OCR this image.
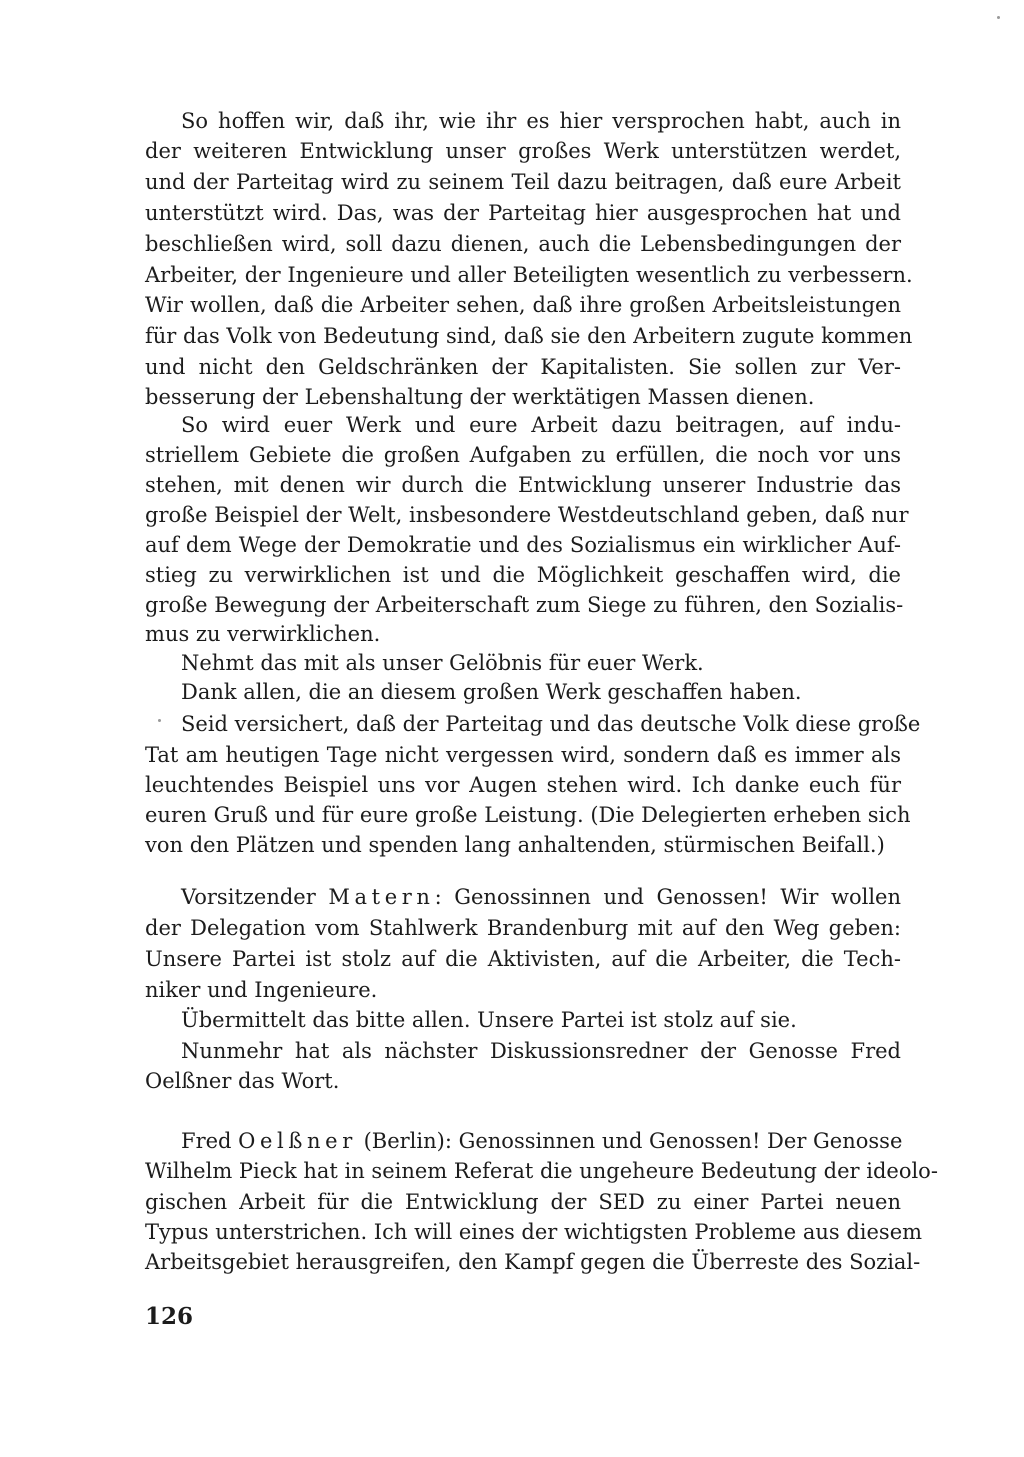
So hoffen wir, daß ihr, wie ihr es hier versprochen habt, auch in
der weiteren Entwicklung unser großes Werk unterstützen werdet,
und der Parteitag wird zu seinem Teil dazu beitragen, daß eure Arbeit
unterstützt wird. Das, was der Parteitag hier ausgesprochen hat und
beschließen wird, soll dazu dienen, auch die Lebensbedingungen der
Arbeiter, der Ingenieure und aller Beteiligten wesentlich zu verbessern.
Wir wollen, daß die Arbeiter sehen, daß ihre großen Arbeitsleistungen
für das Volk von Bedeutung sind, daß sie den Arbeitern zugute kommen
und nicht den Geldschränken der Kapitalisten. Sie sollen zur Ver-
besserung der Lebenshaltung der werktätigen Massen dienen.
So wird euer Werk und eure Arbeit dazu beitragen, auf indu-
striellem Gebiete die großen Aufgaben zu erfüllen, die noch vor uns
stehen, mit denen wir durch die Entwicklung unserer Industrie das
große Beispiel der Welt, insbesondere Westdeutschland geben, daß nur
auf dem Wege der Demokratie und des Sozialismus ein wirklicher Auf-
stieg zu verwirklichen ist und die Möglichkeit geschaffen wird, die
große Bewegung der Arbeiterschaft zum Siege zu führen, den Sozialis-
mus zu verwirklichen.
Nehmt das mit als unser Gelöbnis für euer Werk.
Dank allen, die an diesem großen Werk geschaffen haben.
Seid versichert, daß der Parteitag und das deutsche Volk diese große
Tat am heutigen Tage nicht vergessen wird, sondern daß es immer als
leuchtendes Beispiel uns vor Augen stehen wird. Ich danke euch für
euren Gruß und für eure große Leistung. (Die Delegierten erheben sich
von den Plätzen und spenden lang anhaltenden, stürmischen Beifall.)
Vorsitzender Matern: Genossinnen und Genossen! Wir wollen
der Delegation vom Stahlwerk Brandenburg mit auf den Weg geben:
Unsere Partei ist stolz auf die Aktivisten, auf die Arbeiter, die Tech-
niker und Ingenieure.
Übermittelt das bitte allen. Unsere Partei ist stolz auf sie.
Nunmehr hat als nächster Diskussionsredner der Genosse Fred
Oelßner das Wort.
Fred Oelßner (Berlin): Genossinnen und Genossen! Der Genosse
Wilhelm Pieck hat in seinem Referat die ungeheure Bedeutung der ideolo-
gischen Arbeit für die Entwicklung der SED zu einer Partei neuen
Typus unterstrichen. Ich will eines der wichtigsten Probleme aus diesem
Arbeitsgebiet herausgreifen, den Kampf gegen die Überreste des Sozial-
126
